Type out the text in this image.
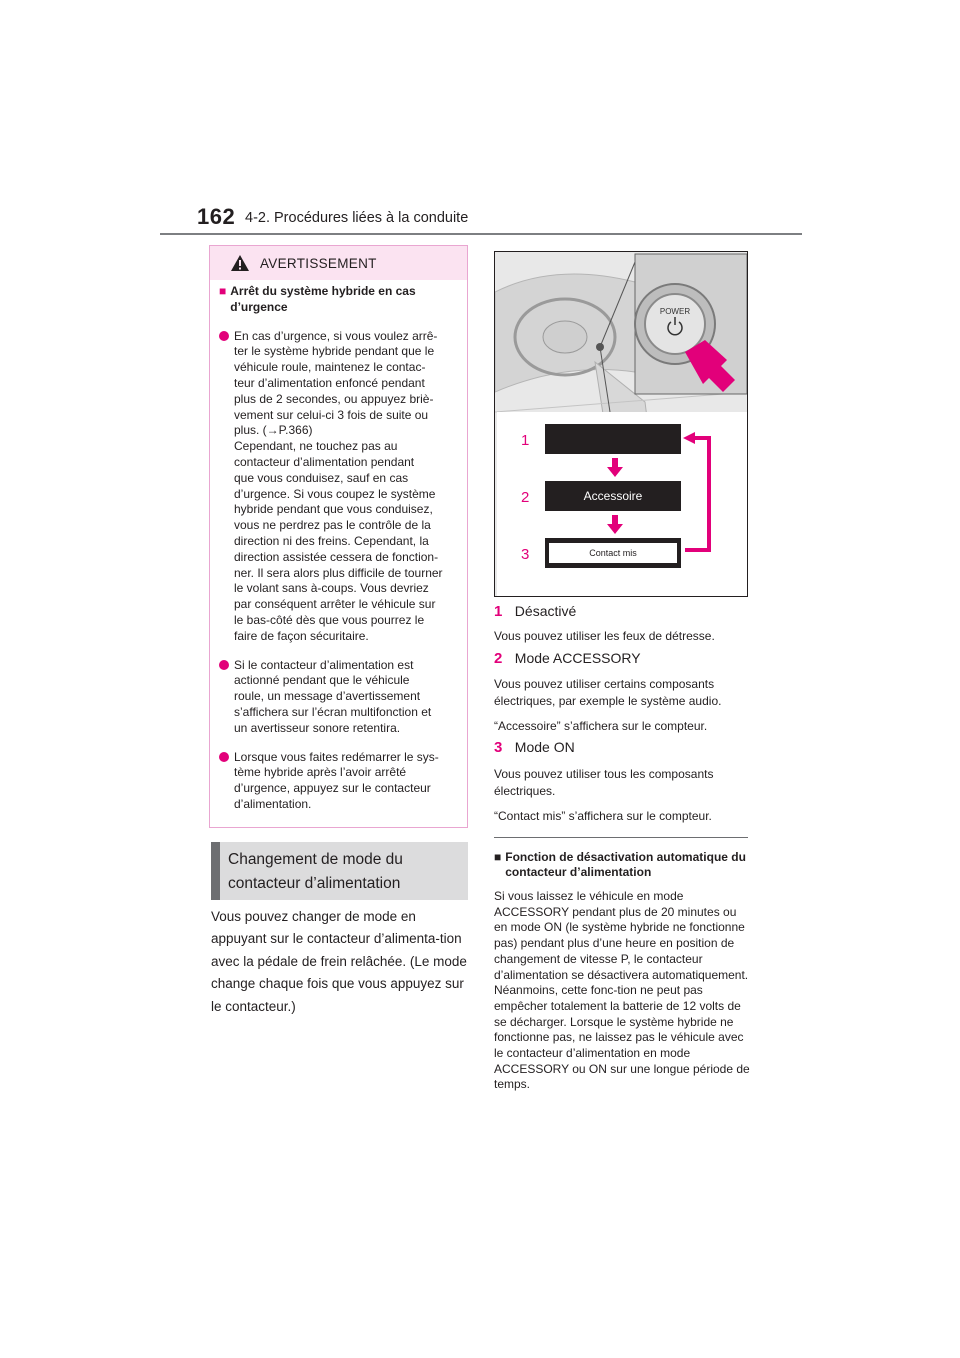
162 4-2. Procédures liées à la conduite
AVERTISSEMENT
■ Arrêt du système hybride en cas d’urgence
En cas d’urgence, si vous voulez arrê-
ter le système hybride pendant que le
véhicule roule, maintenez le contac-
teur d’alimentation enfoncé pendant
plus de 2 secondes, ou appuyez briè-
vement sur celui-ci 3 fois de suite ou
plus. (→P.366)
Cependant, ne touchez pas au
contacteur d’alimentation pendant
que vous conduisez, sauf en cas
d’urgence. Si vous coupez le système
hybride pendant que vous conduisez,
vous ne perdrez pas le contrôle de la
direction ni des freins. Cependant, la
direction assistée cessera de fonction-
ner. Il sera alors plus difficile de tourner
le volant sans à-coups. Vous devriez
par conséquent arrêter le véhicule sur
le bas-côté dès que vous pourrez le
faire de façon sécuritaire.
Si le contacteur d’alimentation est
actionné pendant que le véhicule
roule, un message d’avertissement
s’affichera sur l’écran multifonction et
un avertisseur sonore retentira.
Lorsque vous faites redémarrer le sys-
tème hybride après l’avoir arrêté
d’urgence, appuyez sur le contacteur
d’alimentation.
Changement de mode du
contacteur d’alimentation
Vous pouvez changer de mode en appuyant sur le contacteur d’alimenta-tion avec la pédale de frein relâchée. (Le mode change chaque fois que vous appuyez sur le contacteur.)
POWER
1
2	Accessoire
3	Contact mis
1 Désactivé
Vous pouvez utiliser les feux de détresse.
2 Mode ACCESSORY
Vous pouvez utiliser certains composants électriques, par exemple le système audio.
“Accessoire” s’affichera sur le compteur.
3 Mode ON
Vous pouvez utiliser tous les composants électriques.
“Contact mis” s’affichera sur le compteur.
■ Fonction de désactivation automatique du contacteur d’alimentation
Si vous laissez le véhicule en mode ACCESSORY pendant plus de 20 minutes ou en mode ON (le système hybride ne fonctionne pas) pendant plus d’une heure en position de changement de vitesse P, le contacteur d’alimentation se désactivera automatiquement. Néanmoins, cette fonc-tion ne peut pas empêcher totalement la batterie de 12 volts de se décharger. Lorsque le système hybride ne fonctionne pas, ne laissez pas le véhicule avec le contacteur d’alimentation en mode ACCESSORY ou ON sur une longue période de temps.
